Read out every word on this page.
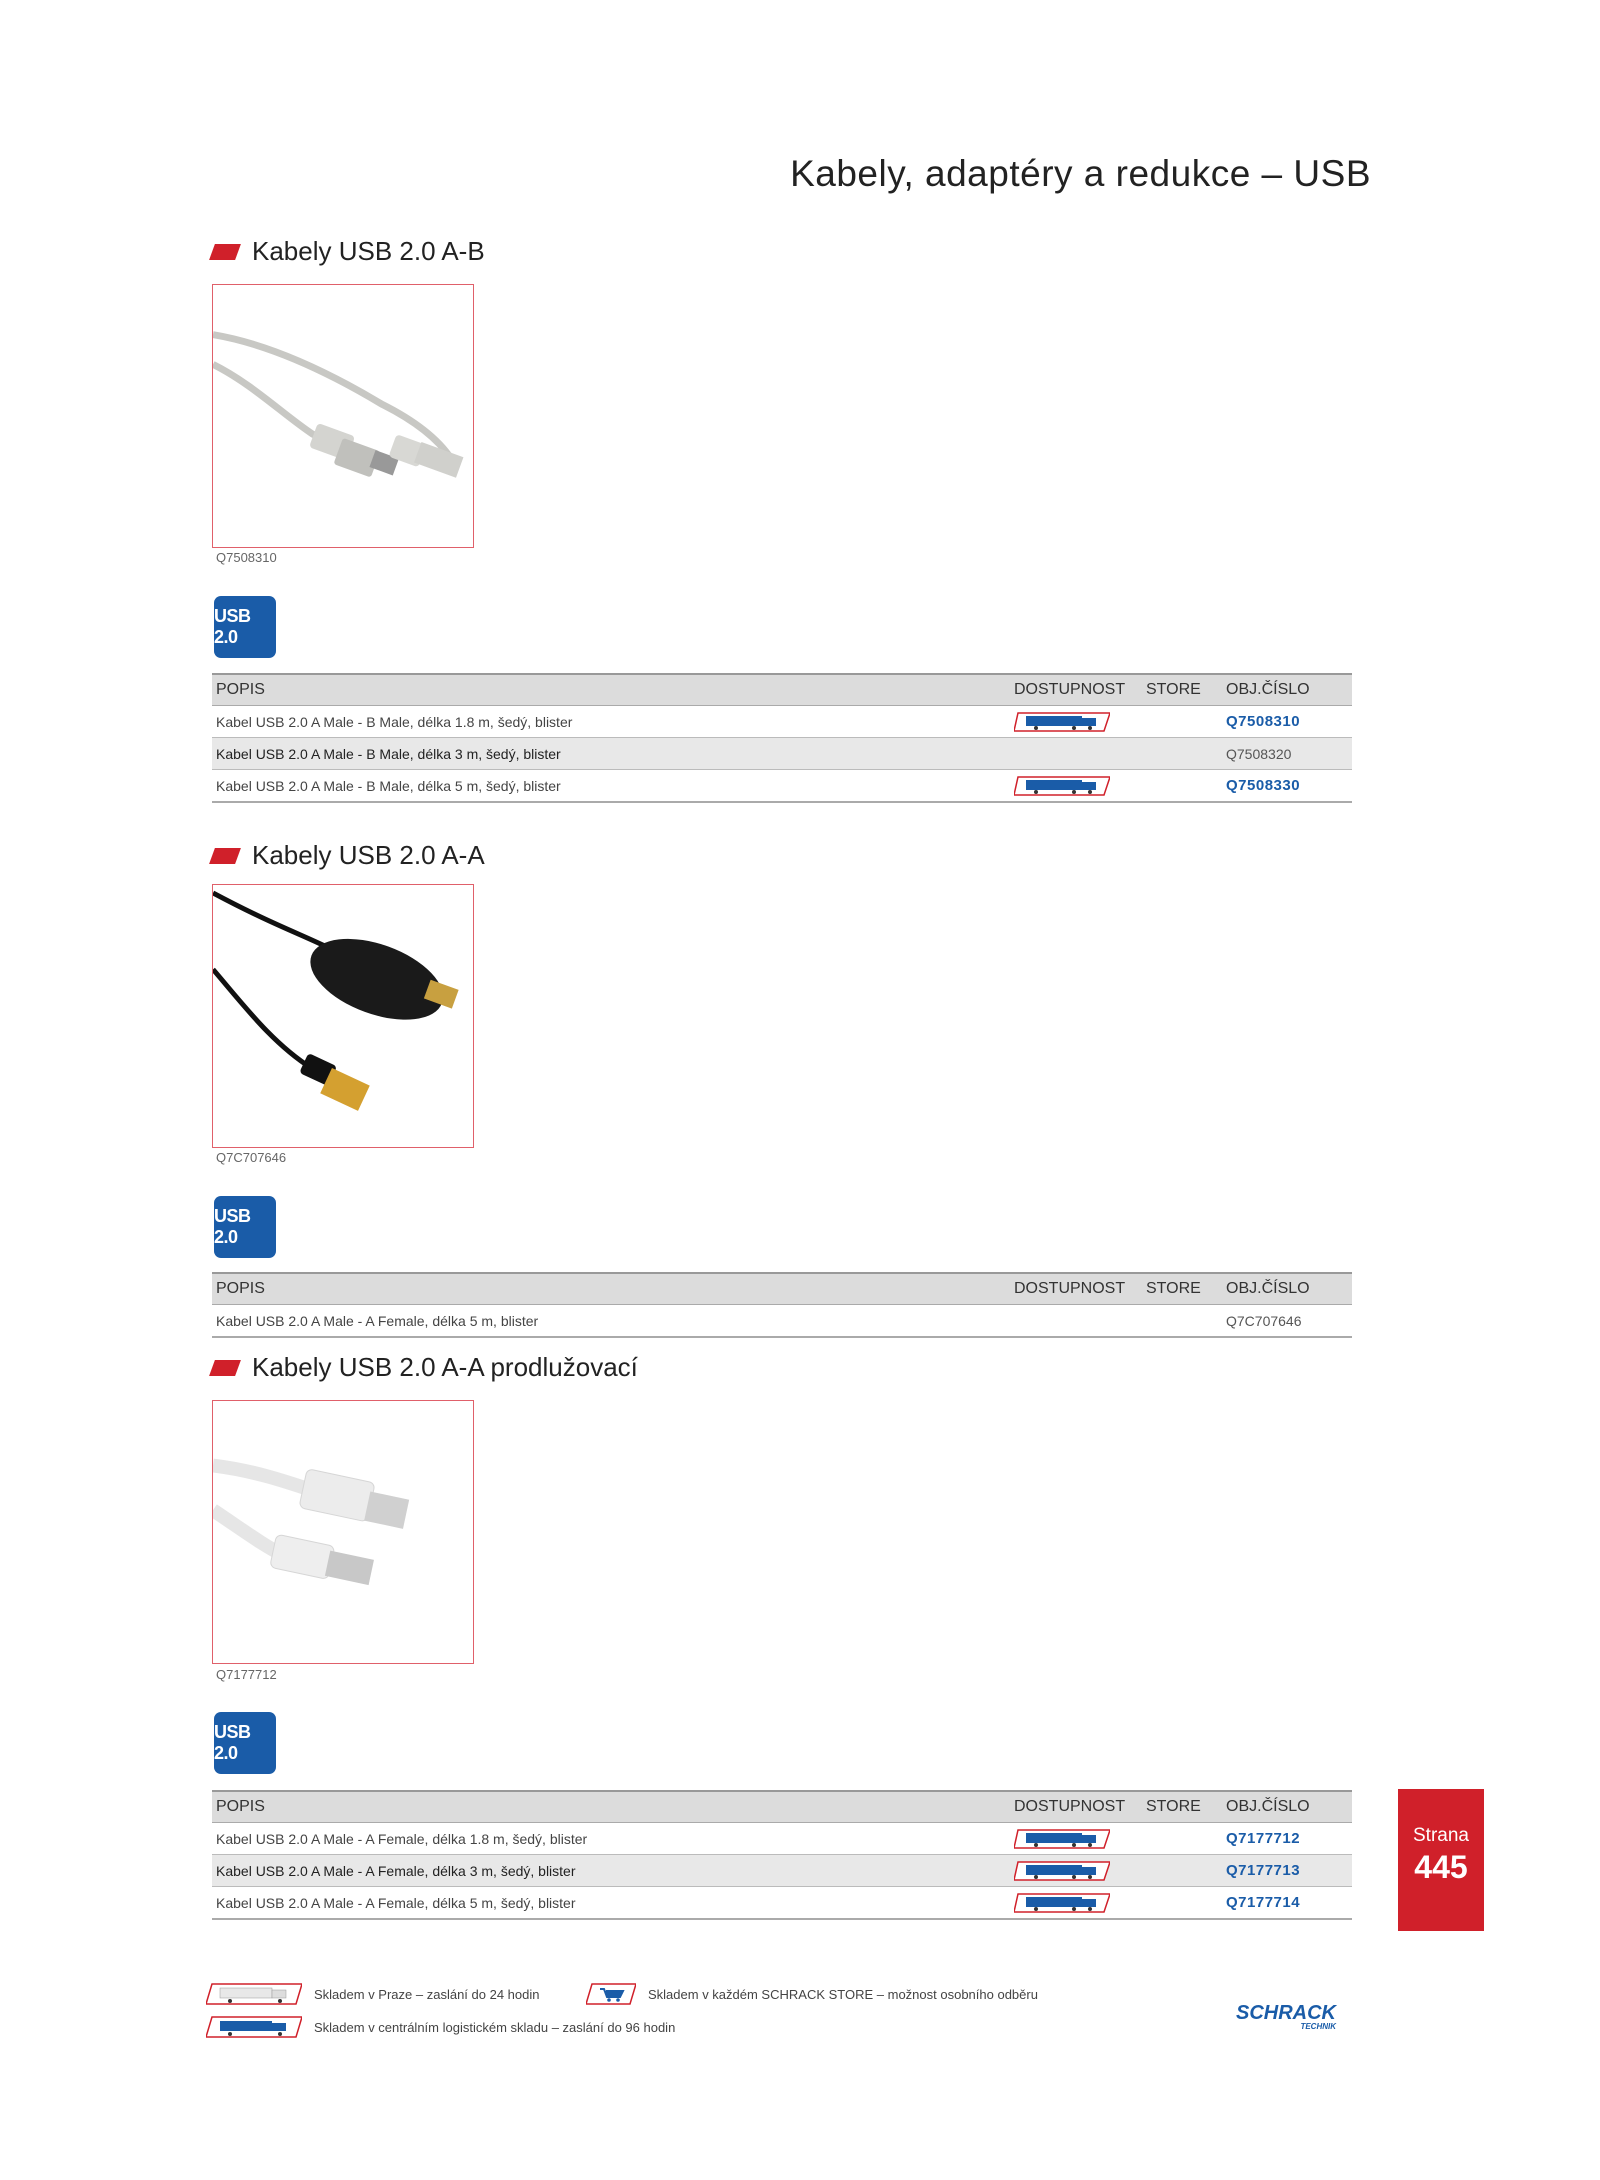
Kabely, adaptéry a redukce – USB
Kabely USB 2.0 A-B
Q7508310
USB 2.0
POPIS	DOSTUPNOST	STORE	OBJ.ČÍSLO
Kabel USB 2.0 A Male - B Male, délka 1.8 m, šedý, blister			Q7508310
Kabel USB 2.0 A Male - B Male, délka 3 m, šedý, blister			Q7508320
Kabel USB 2.0 A Male - B Male, délka 5 m, šedý, blister			Q7508330
Kabely USB 2.0 A-A
Q7C707646
USB 2.0
POPIS	DOSTUPNOST	STORE	OBJ.ČÍSLO
Kabel USB 2.0 A Male - A Female, délka 5 m, blister			Q7C707646
Kabely USB 2.0 A-A prodlužovací
Q7177712
USB 2.0
POPIS	DOSTUPNOST	STORE	OBJ.ČÍSLO
Kabel USB 2.0 A Male - A Female, délka 1.8 m, šedý, blister			Q7177712
Kabel USB 2.0 A Male - A Female, délka 3 m, šedý, blister			Q7177713
Kabel USB 2.0 A Male - A Female, délka 5 m, šedý, blister			Q7177714
Strana
445
Skladem v Praze – zaslání do 24 hodin	Skladem v každém SCHRACK STORE – možnost osobního odběru
Skladem v centrálním logistickém skladu – zaslání do 96 hodin
SCHRACK
TECHNIK
